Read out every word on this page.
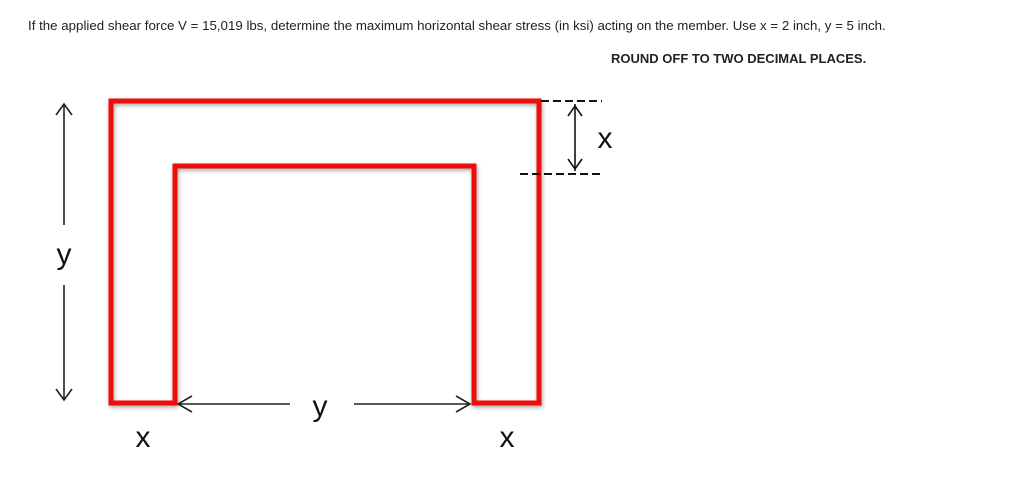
If the applied shear force V = 15,019 lbs, determine the maximum horizontal shear stress (in ksi) acting on the member. Use x = 2 inch, y = 5 inch.
ROUND OFF TO TWO DECIMAL PLACES.
y
y
x	x
x
